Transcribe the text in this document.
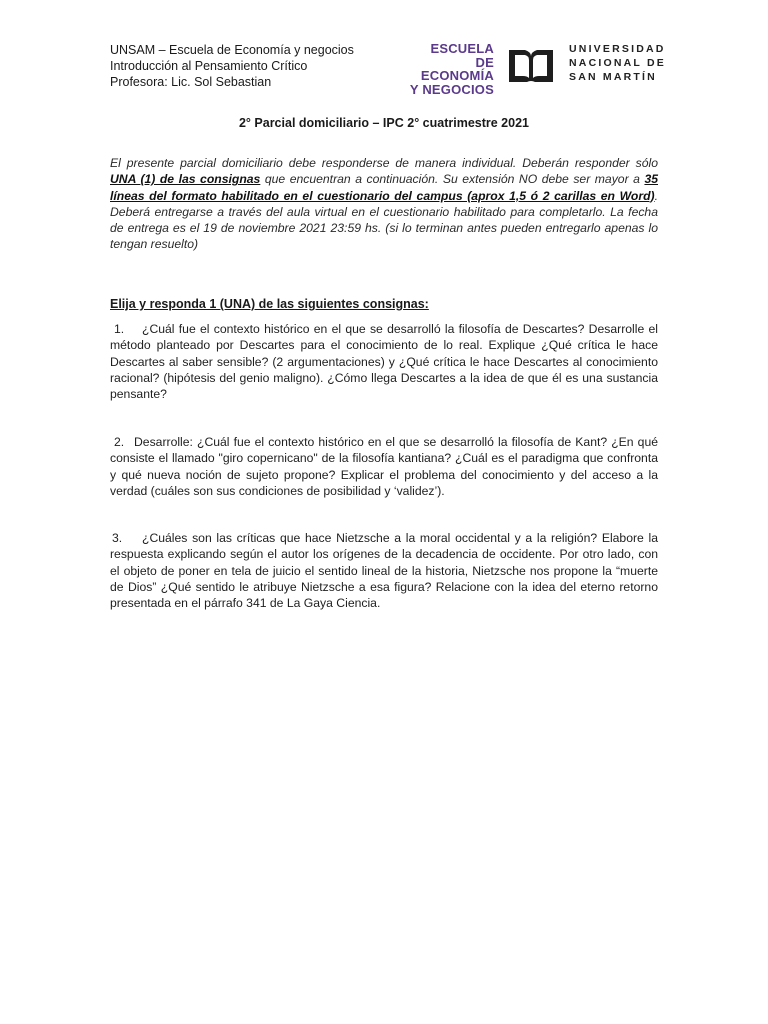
UNSAM – Escuela de Economía y negocios
Introducción al Pensamiento Crítico
Profesora: Lic. Sol Sebastian
ESCUELA
DE ECONOMÍA
Y NEGOCIOS
UNIVERSIDAD
NACIONAL DE
SAN MARTÍN
2° Parcial domiciliario – IPC 2° cuatrimestre 2021
El presente parcial domiciliario debe responderse de manera individual. Deberán responder sólo UNA (1) de las consignas que encuentran a continuación. Su extensión NO debe ser mayor a 35 líneas del formato habilitado en el cuestionario del campus (aprox 1,5 ó 2 carillas en Word). Deberá entregarse a través del aula virtual en el cuestionario habilitado para completarlo. La fecha de entrega es el 19 de noviembre 2021 23:59 hs. (si lo terminan antes pueden entregarlo apenas lo tengan resuelto)
Elija y responda 1 (UNA) de las siguientes consignas:
1. ¿Cuál fue el contexto histórico en el que se desarrolló la filosofía de Descartes? Desarrolle el método planteado por Descartes para el conocimiento de lo real. Explique ¿Qué crítica le hace Descartes al saber sensible? (2 argumentaciones) y ¿Qué crítica le hace Descartes al conocimiento racional? (hipótesis del genio maligno). ¿Cómo llega Descartes a la idea de que él es una sustancia pensante?
2. Desarrolle: ¿Cuál fue el contexto histórico en el que se desarrolló la filosofía de Kant? ¿En qué consiste el llamado "giro copernicano" de la filosofía kantiana? ¿Cuál es el paradigma que confronta y qué nueva noción de sujeto propone? Explicar el problema del conocimiento y del acceso a la verdad (cuáles son sus condiciones de posibilidad y ‘validez’).
3. ¿Cuáles son las críticas que hace Nietzsche a la moral occidental y a la religión? Elabore la respuesta explicando según el autor los orígenes de la decadencia de occidente. Por otro lado, con el objeto de poner en tela de juicio el sentido lineal de la historia, Nietzsche nos propone la “muerte de Dios” ¿Qué sentido le atribuye Nietzsche a esa figura? Relacione con la idea del eterno retorno presentada en el párrafo 341 de La Gaya Ciencia.
